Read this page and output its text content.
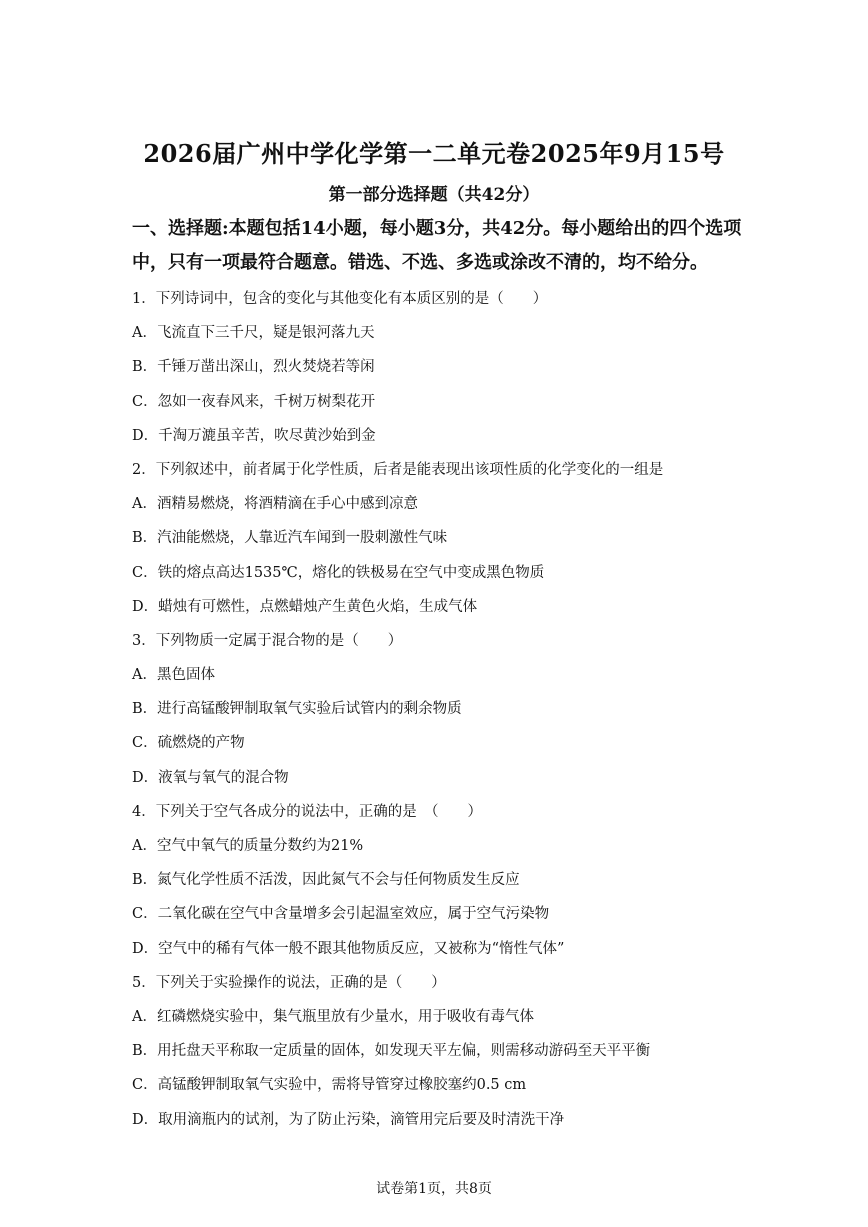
2026届广州中学化学第一二单元卷2025年9月15号
第一部分选择题（共42分）
一、选择题:本题包括14小题，每小题3分，共42分。每小题给出的四个选项
中，只有一项最符合题意。错选、不选、多选或涂改不清的，均不给分。
1．下列诗词中，包含的变化与其他变化有本质区别的是（　　）
A．飞流直下三千尺，疑是银河落九天
B．千锤万凿出深山，烈火焚烧若等闲
C．忽如一夜春风来，千树万树梨花开
D．千淘万漉虽辛苦，吹尽黄沙始到金
2．下列叙述中，前者属于化学性质，后者是能表现出该项性质的化学变化的一组是
A．酒精易燃烧，将酒精滴在手心中感到凉意
B．汽油能燃烧，人靠近汽车闻到一股刺激性气味
C．铁的熔点高达1535℃，熔化的铁极易在空气中变成黑色物质
D．蜡烛有可燃性，点燃蜡烛产生黄色火焰，生成气体
3．下列物质一定属于混合物的是（　　）
A．黑色固体
B．进行高锰酸钾制取氧气实验后试管内的剩余物质
C．硫燃烧的产物
D．液氧与氧气的混合物
4．下列关于空气各成分的说法中，正确的是　（　　）
A．空气中氧气的质量分数约为21%
B．氮气化学性质不活泼，因此氮气不会与任何物质发生反应
C．二氧化碳在空气中含量增多会引起温室效应，属于空气污染物
D．空气中的稀有气体一般不跟其他物质反应，又被称为“惰性气体”
5．下列关于实验操作的说法，正确的是（　　）
A．红磷燃烧实验中，集气瓶里放有少量水，用于吸收有毒气体
B．用托盘天平称取一定质量的固体，如发现天平左偏，则需移动游码至天平平衡
C．高锰酸钾制取氧气实验中，需将导管穿过橡胶塞约0.5 cm
D．取用滴瓶内的试剂，为了防止污染，滴管用完后要及时清洗干净
试卷第1页，共8页
